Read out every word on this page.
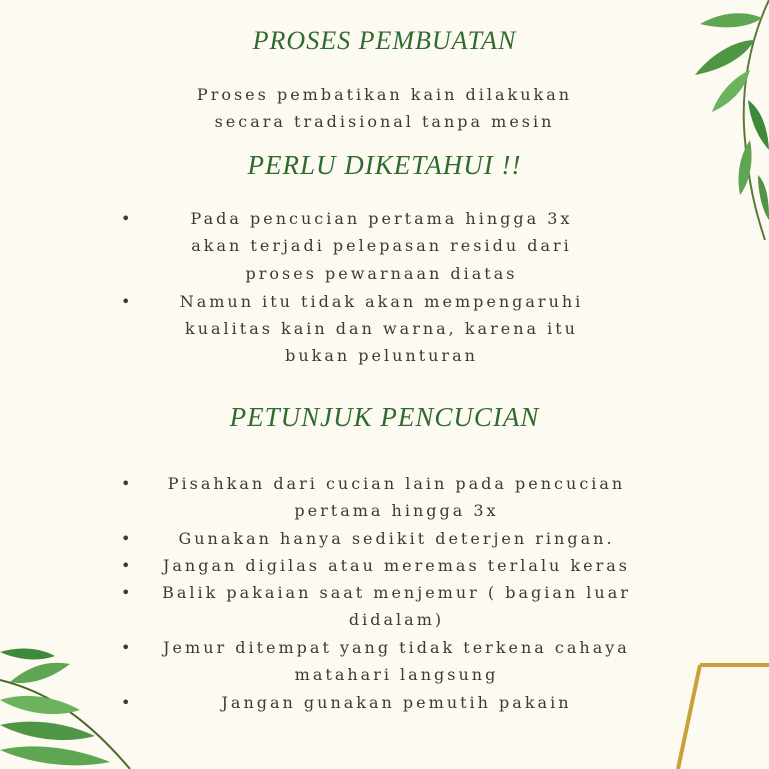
PROSES PEMBUATAN
Proses pembatikan kain dilakukan
secara tradisional tanpa mesin
PERLU DIKETAHUI !!
•	Pada pencucian pertama hingga 3x
akan terjadi pelepasan residu dari
proses pewarnaan diatas
•	Namun itu tidak akan mempengaruhi
kualitas kain dan warna, karena itu
bukan pelunturan
PETUNJUK PENCUCIAN
•	Pisahkan dari cucian lain pada pencucian
pertama hingga 3x
•	Gunakan hanya sedikit deterjen ringan.
•	Jangan digilas atau meremas terlalu keras
•	Balik pakaian saat menjemur ( bagian luar
didalam)
•	Jemur ditempat yang tidak terkena cahaya
matahari langsung
•	Jangan gunakan pemutih pakain
